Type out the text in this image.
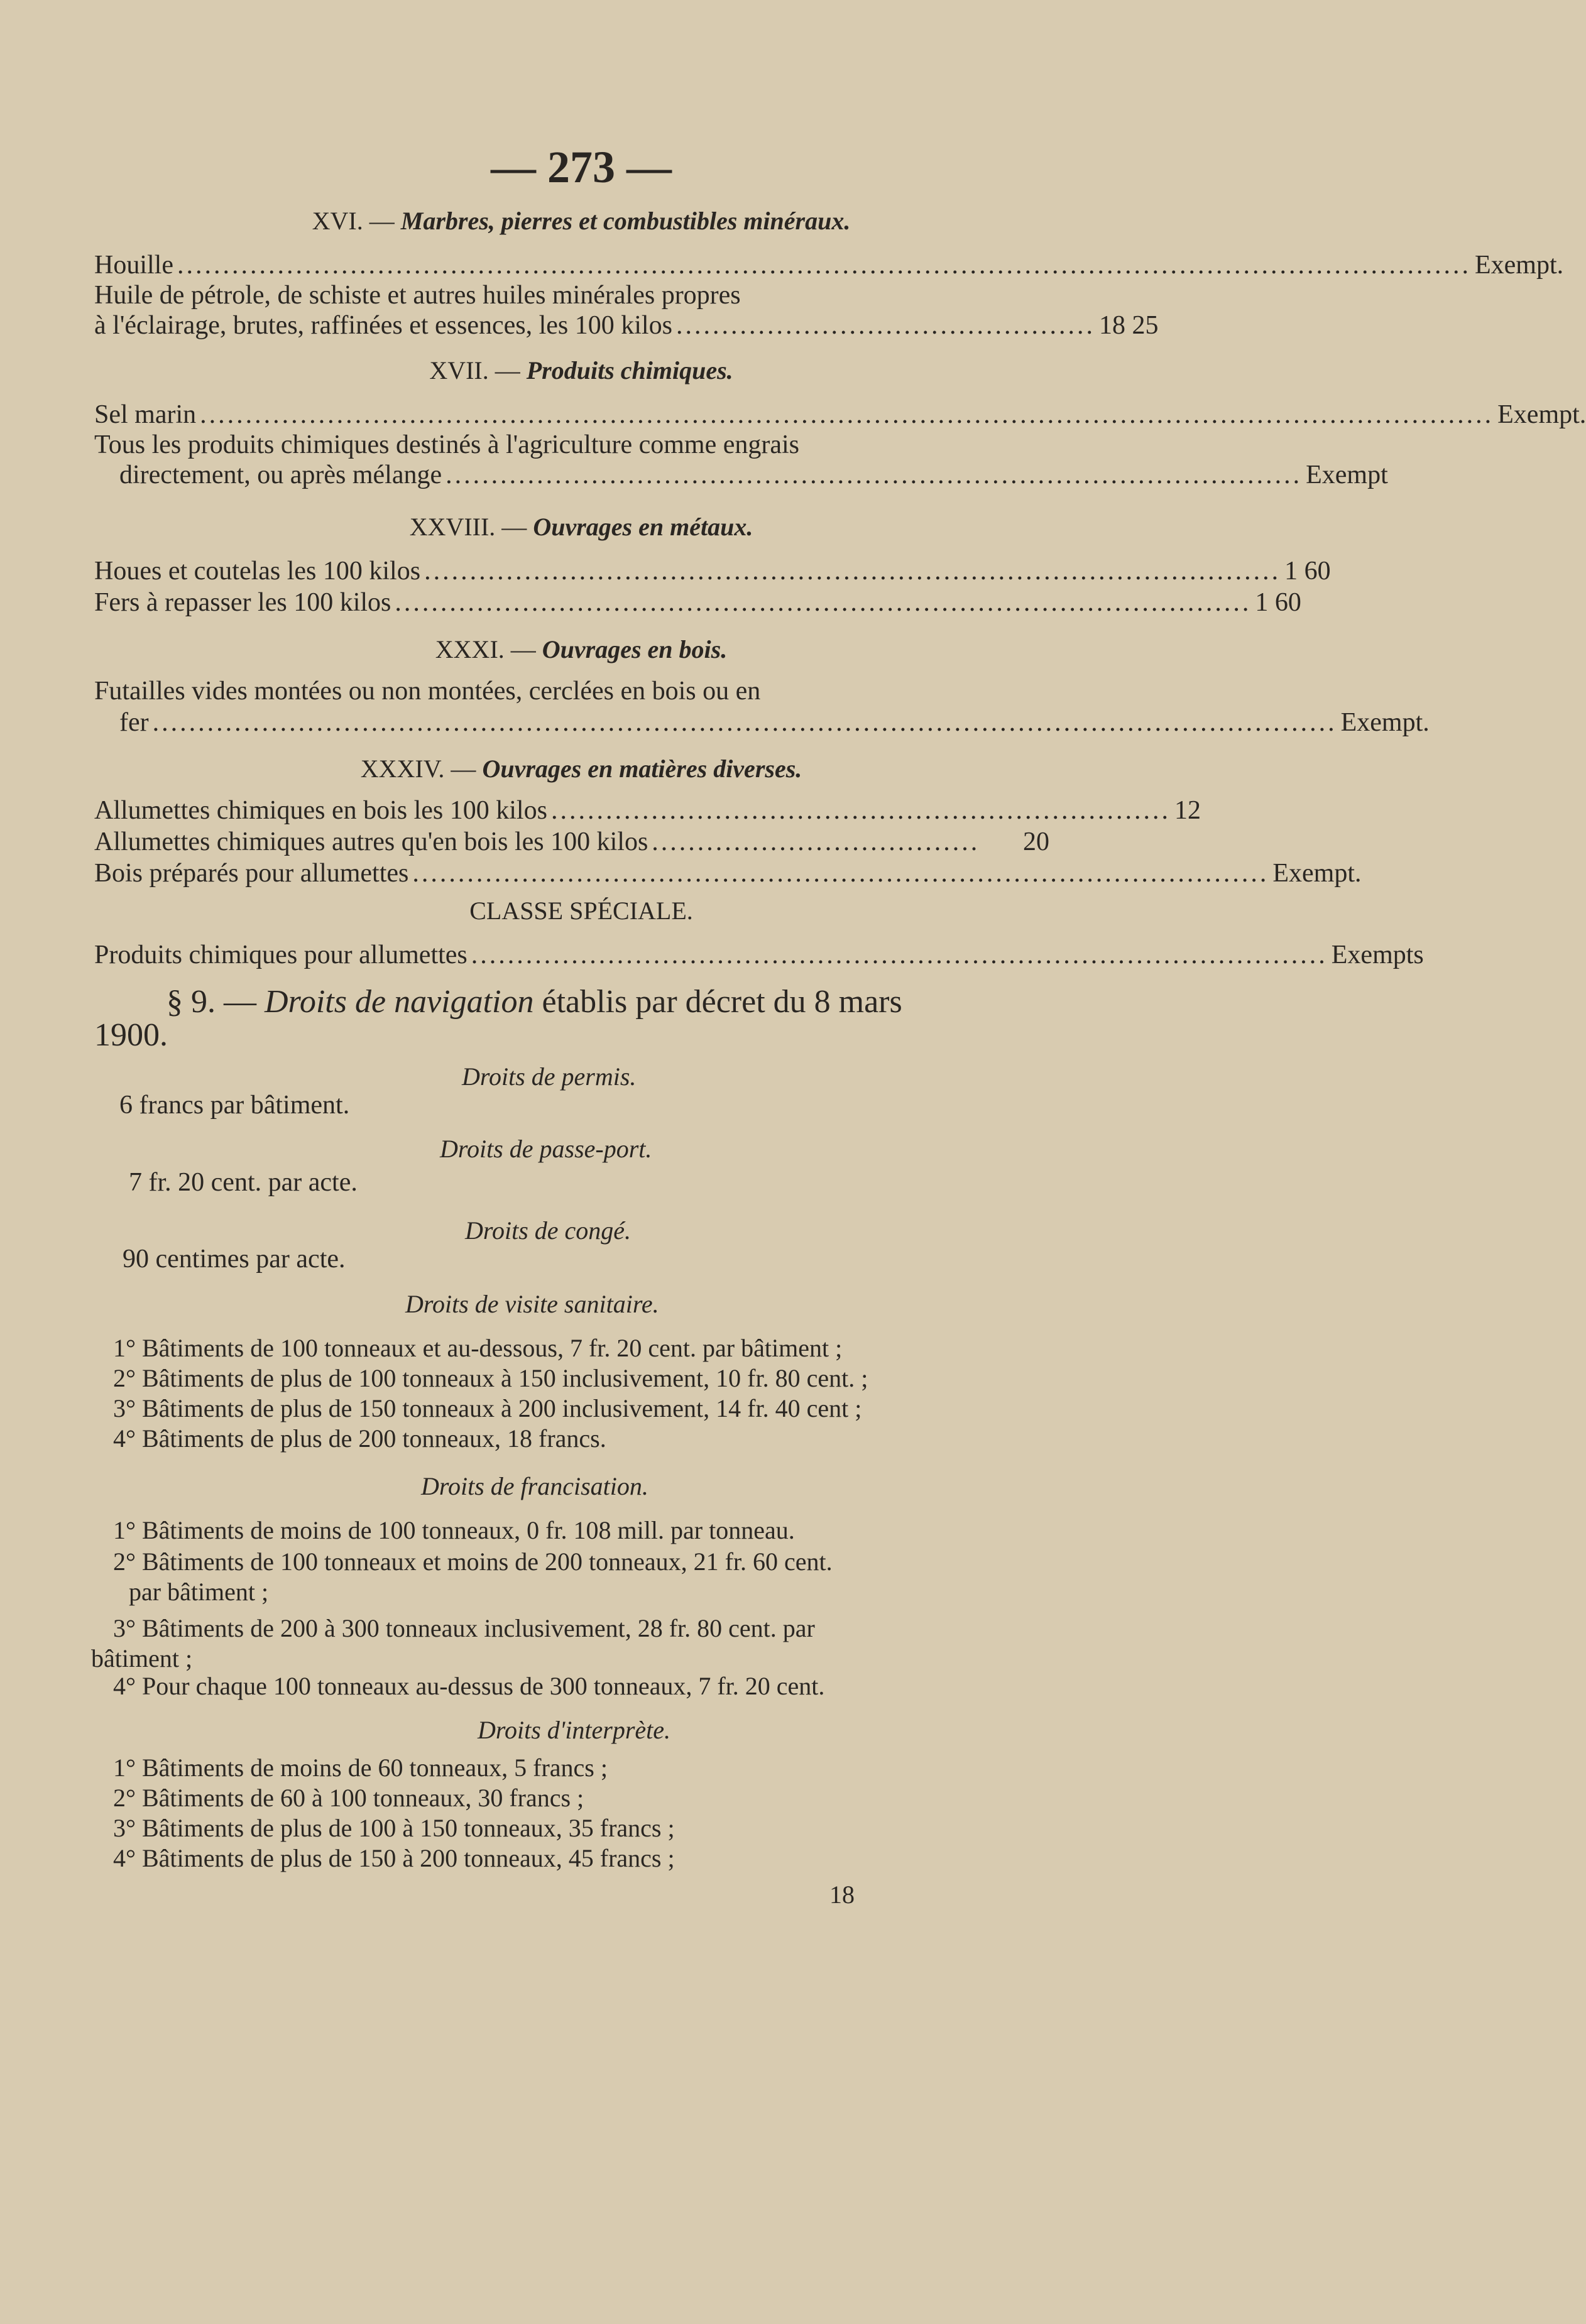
— 273 —
XVI. — Marbres, pierres et combustibles minéraux.
Houille .............................................................................................................................................. Exempt.
Huile de pétrole, de schiste et autres huiles minérales propres
à l'éclairage, brutes, raffinées et essences, les 100 kilos .............................................. 18 25
XVII. — Produits chimiques.
Sel marin .............................................................................................................................................. Exempt.
Tous les produits chimiques destinés à l'agriculture comme engrais
directement, ou après mélange .............................................................................................. Exempt
XXVIII. — Ouvrages en métaux.
Houes et coutelas les 100 kilos .............................................................................................. 1 60
Fers à repasser les 100 kilos .............................................................................................. 1 60
XXXI. — Ouvrages en bois.
Futailles vides montées ou non montées, cerclées en bois ou en
fer .................................................................................................................................. Exempt.
XXXIV. — Ouvrages en matières diverses.
Allumettes chimiques en bois les 100 kilos .................................................................... 12
Allumettes chimiques autres qu'en bois les 100 kilos ....................................	20
Bois préparés pour allumettes .............................................................................................. Exempt.
CLASSE SPÉCIALE.
Produits chimiques pour allumettes .............................................................................................. Exempts
§ 9. — Droits de navigation établis par décret du 8 mars
1900.
Droits de permis.
6 francs par bâtiment.
Droits de passe-port.
7 fr. 20 cent. par acte.
Droits de congé.
90 centimes par acte.
Droits de visite sanitaire.
1° Bâtiments de 100 tonneaux et au-dessous, 7 fr. 20 cent. par bâtiment ;
2° Bâtiments de plus de 100 tonneaux à 150 inclusivement, 10 fr. 80 cent. ;
3° Bâtiments de plus de 150 tonneaux à 200 inclusivement, 14 fr. 40 cent ;
4° Bâtiments de plus de 200 tonneaux, 18 francs.
Droits de francisation.
1° Bâtiments de moins de 100 tonneaux, 0 fr. 108 mill. par tonneau.
2° Bâtiments de 100 tonneaux et moins de 200 tonneaux, 21 fr. 60 cent.
par bâtiment ;
3° Bâtiments de 200 à 300 tonneaux inclusivement, 28 fr. 80 cent. par
bâtiment ;
4° Pour chaque 100 tonneaux au-dessus de 300 tonneaux, 7 fr. 20 cent.
Droits d'interprète.
1° Bâtiments de moins de 60 tonneaux, 5 francs ;
2° Bâtiments de 60 à 100 tonneaux, 30 francs ;
3° Bâtiments de plus de 100 à 150 tonneaux, 35 francs ;
4° Bâtiments de plus de 150 à 200 tonneaux, 45 francs ;
18
